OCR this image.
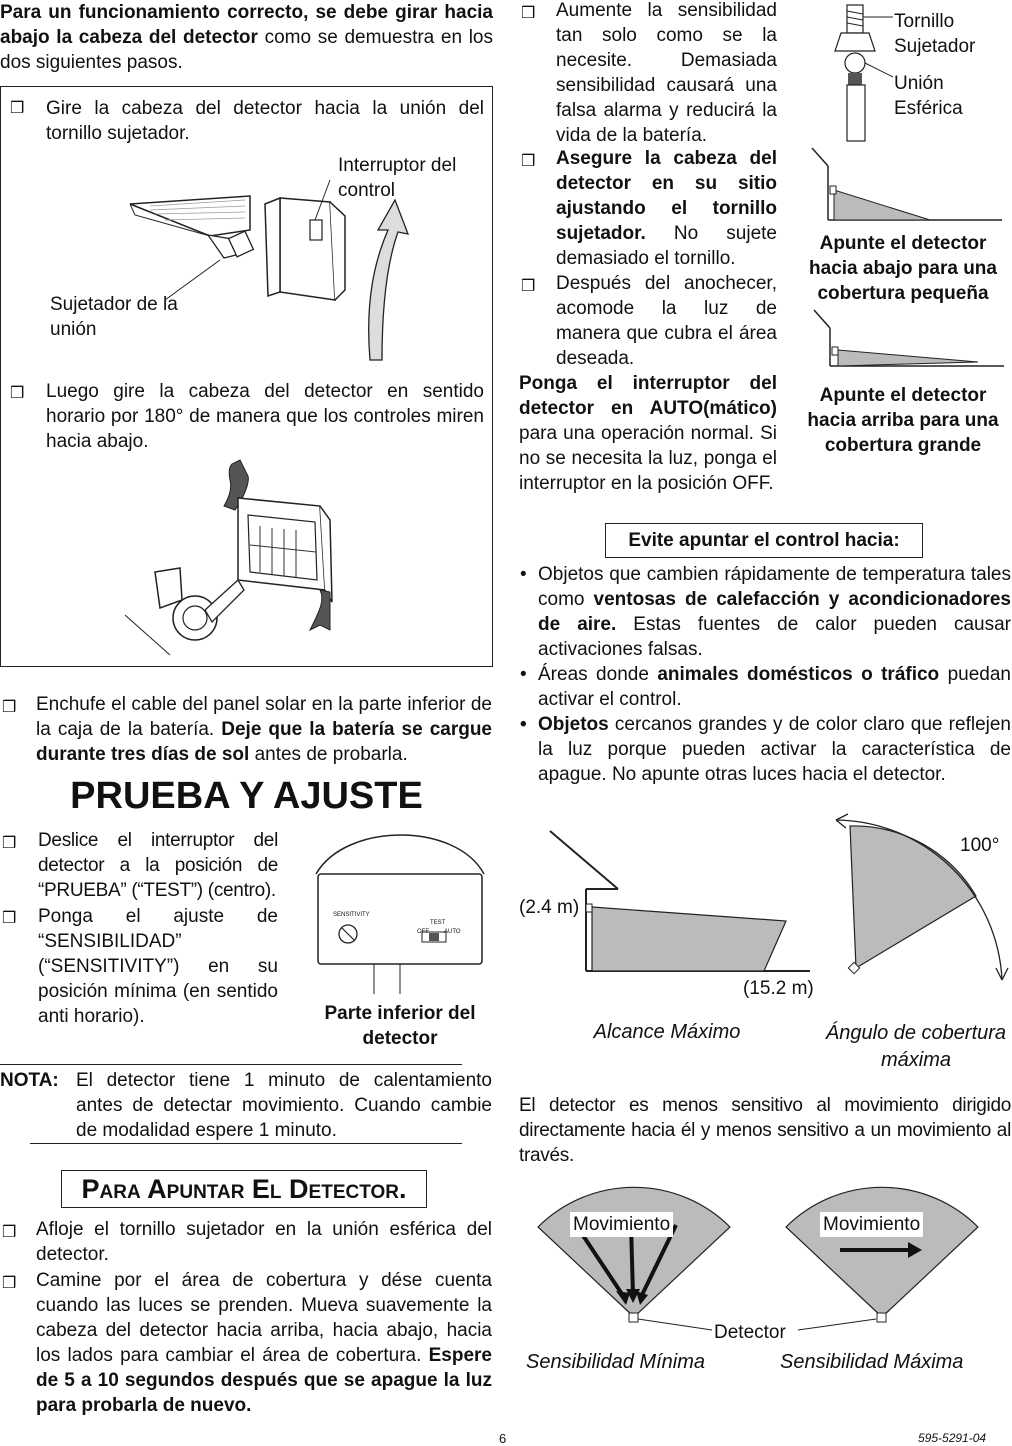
Para un funcionamiento correcto, se debe girar hacia abajo la cabeza del detector como se demuestra en los dos siguientes pasos.
❒ Gire la cabeza del detector hacia la unión del tornillo sujetador.
Interruptor del control
Sujetador de la unión
❒ Luego gire la cabeza del detector en sentido horario por 180° de manera que los controles miren hacia abajo.
❒ Enchufe el cable del panel solar en la parte inferior de la caja de la batería. Deje que la batería se cargue durante tres días de sol antes de probarla.
PRUEBA Y AJUSTE
❒ Deslice el interruptor del detector a la posición de “PRUEBA” (“TEST”) (centro).
❒ Ponga el ajuste de “SENSIBILIDAD” (“SENSITIVITY”) en su posición mínima (en sentido anti horario).
SENSITIVITY
TEST
OFF	AUTO
Parte inferior del detector
NOTA: El detector tiene 1 minuto de calentamiento antes de detectar movimiento. Cuando cambie de modalidad espere 1 minuto.
Para Apuntar El Detector.
❒ Afloje el tornillo sujetador en la unión esférica del detector.
❒ Camine por el área de cobertura y dése cuenta cuando las luces se prenden. Mueva suavemente la cabeza del detector hacia arriba, hacia abajo, hacia los lados para cambiar el área de cobertura. Espere de 5 a 10 segundos después que se apague la luz para probarla de nuevo.
❒ Aumente la sensibilidad tan solo como se la necesite. Demasiada sensibilidad causará una falsa alarma y reducirá la vida de la batería.
❒ Asegure la cabeza del detector en su sitio ajustando el tornillo sujetador. No sujete demasiado el tornillo.
❒ Después del anochecer, acomode la luz de manera que cubra el área deseada.
Ponga el interruptor del detector en AUTO(mático) para una operación normal. Si no se necesita la luz, ponga el interruptor en la posición OFF.
Tornillo Sujetador
Unión Esférica
Apunte el detector hacia abajo para una cobertura pequeña
Apunte el detector hacia arriba para una cobertura grande
Evite apuntar el control hacia:
• Objetos que cambien rápidamente de temperatura tales como ventosas de calefacción y acondicionadores de aire. Estas fuentes de calor pueden causar activaciones falsas.
• Áreas donde animales domésticos o tráfico puedan activar el control.
• Objetos cercanos grandes y de color claro que reflejen la luz porque pueden activar la característica de apague. No apunte otras luces hacia el detector.
(2.4 m)
(15.2 m)
100°
Alcance Máximo	Ángulo de cobertura máxima
El detector es menos sensitivo al movimiento dirigido directamente hacia él y menos sensitivo a un movimiento al través.
Movimiento	Movimiento
Detector
Sensibilidad Mínima	Sensibilidad Máxima
6	595-5291-04
